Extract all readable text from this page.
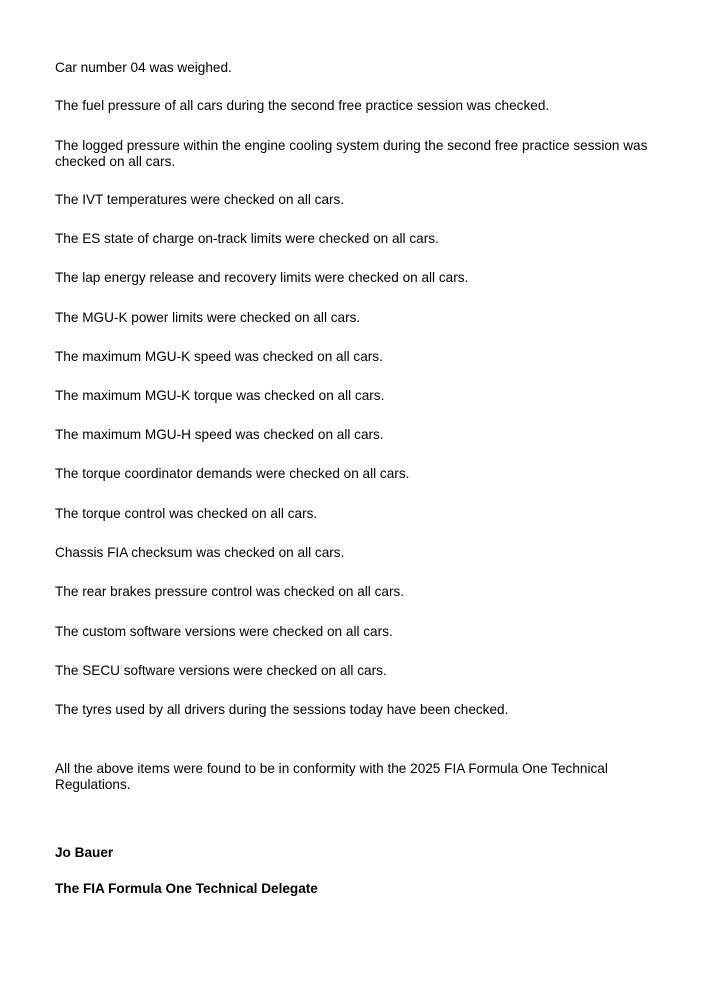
Car number 04 was weighed.

The fuel pressure of all cars during the second free practice session was checked.

The logged pressure within the engine cooling system during the second free practice session was checked on all cars.

The IVT temperatures were checked on all cars.

The ES state of charge on-track limits were checked on all cars.

The lap energy release and recovery limits were checked on all cars.

The MGU-K power limits were checked on all cars.

The maximum MGU-K speed was checked on all cars.

The maximum MGU-K torque was checked on all cars.

The maximum MGU-H speed was checked on all cars.

The torque coordinator demands were checked on all cars.

The torque control was checked on all cars.

Chassis FIA checksum was checked on all cars.

The rear brakes pressure control was checked on all cars.

The custom software versions were checked on all cars.

The SECU software versions were checked on all cars.

The tyres used by all drivers during the sessions today have been checked.

All the above items were found to be in conformity with the 2025 FIA Formula One Technical Regulations.

Jo Bauer

The FIA Formula One Technical Delegate
